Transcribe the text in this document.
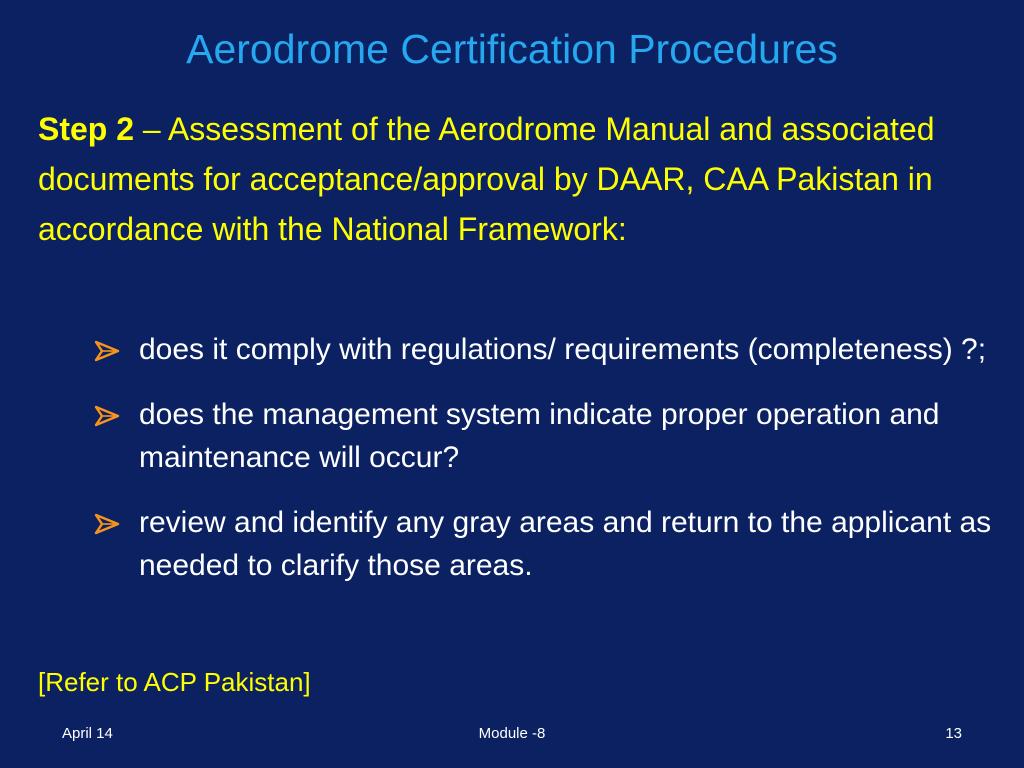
Aerodrome Certification Procedures

Step 2 – Assessment of the Aerodrome Manual and associated documents for acceptance/approval by DAAR, CAA Pakistan in accordance with the National Framework:

does it comply with regulations/ requirements (completeness) ?;
does the management system indicate proper operation and maintenance will occur?
review and identify any gray areas and return to the applicant as needed to clarify those areas.
[Refer to ACP Pakistan]
April 14	Module -8	13
